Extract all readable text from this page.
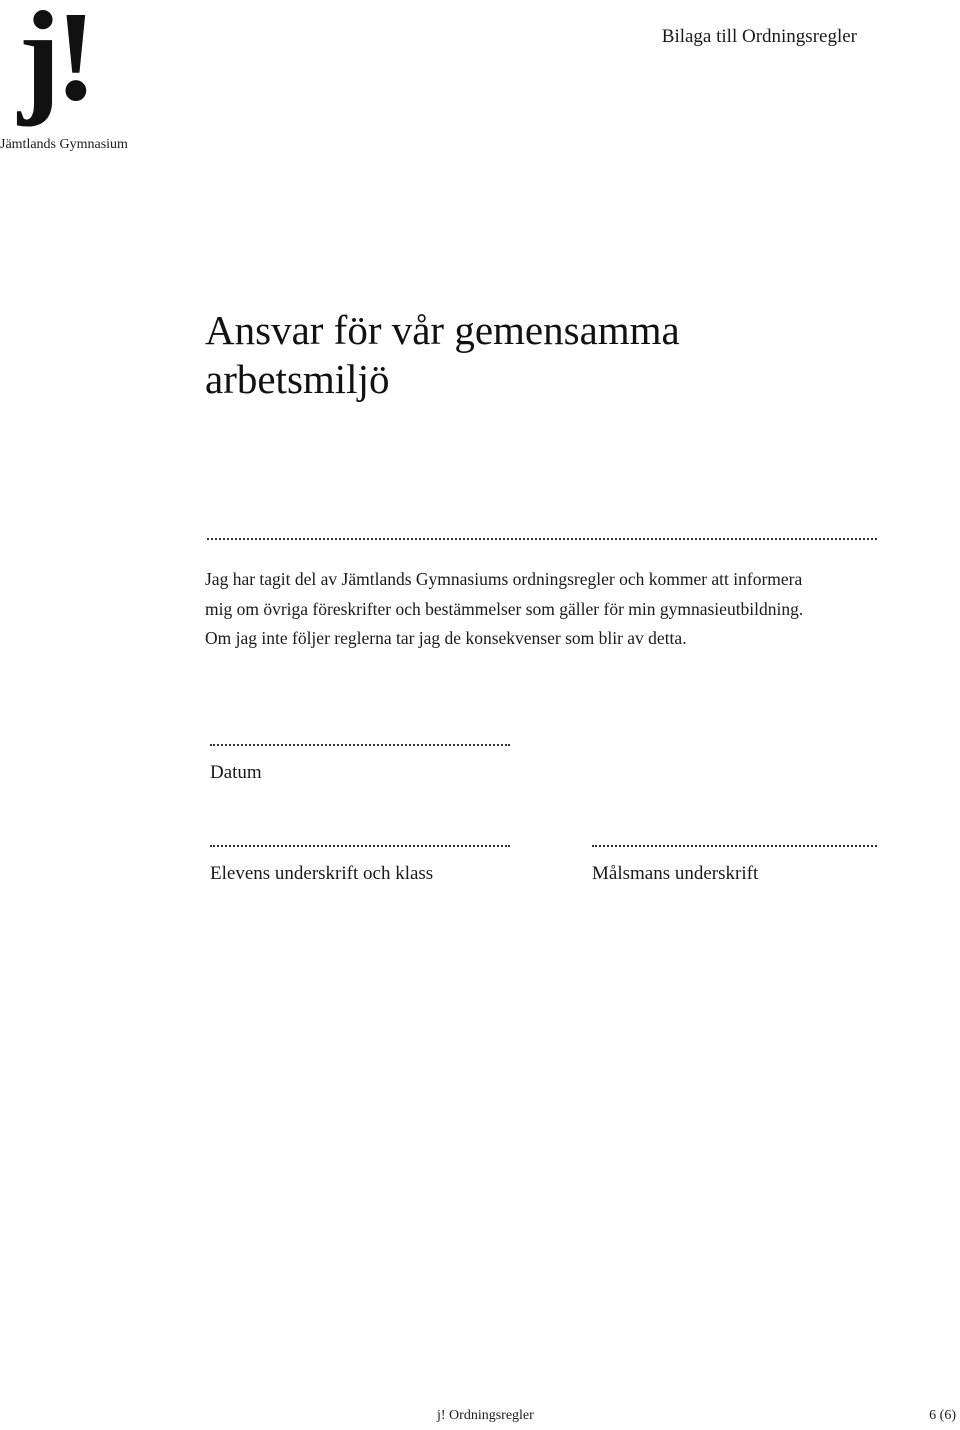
j!
Jämtlands Gymnasium
Bilaga till Ordningsregler
Ansvar för vår gemensamma
arbetsmiljö

Jag har tagit del av Jämtlands Gymnasiums ordningsregler och kommer att informera
mig om övriga föreskrifter och bestämmelser som gäller för min gymnasieutbildning.
Om jag inte följer reglerna tar jag de konsekvenser som blir av detta.

Datum
Elevens underskrift och klass	Målsmans underskrift
j! Ordningsregler	6 (6)
